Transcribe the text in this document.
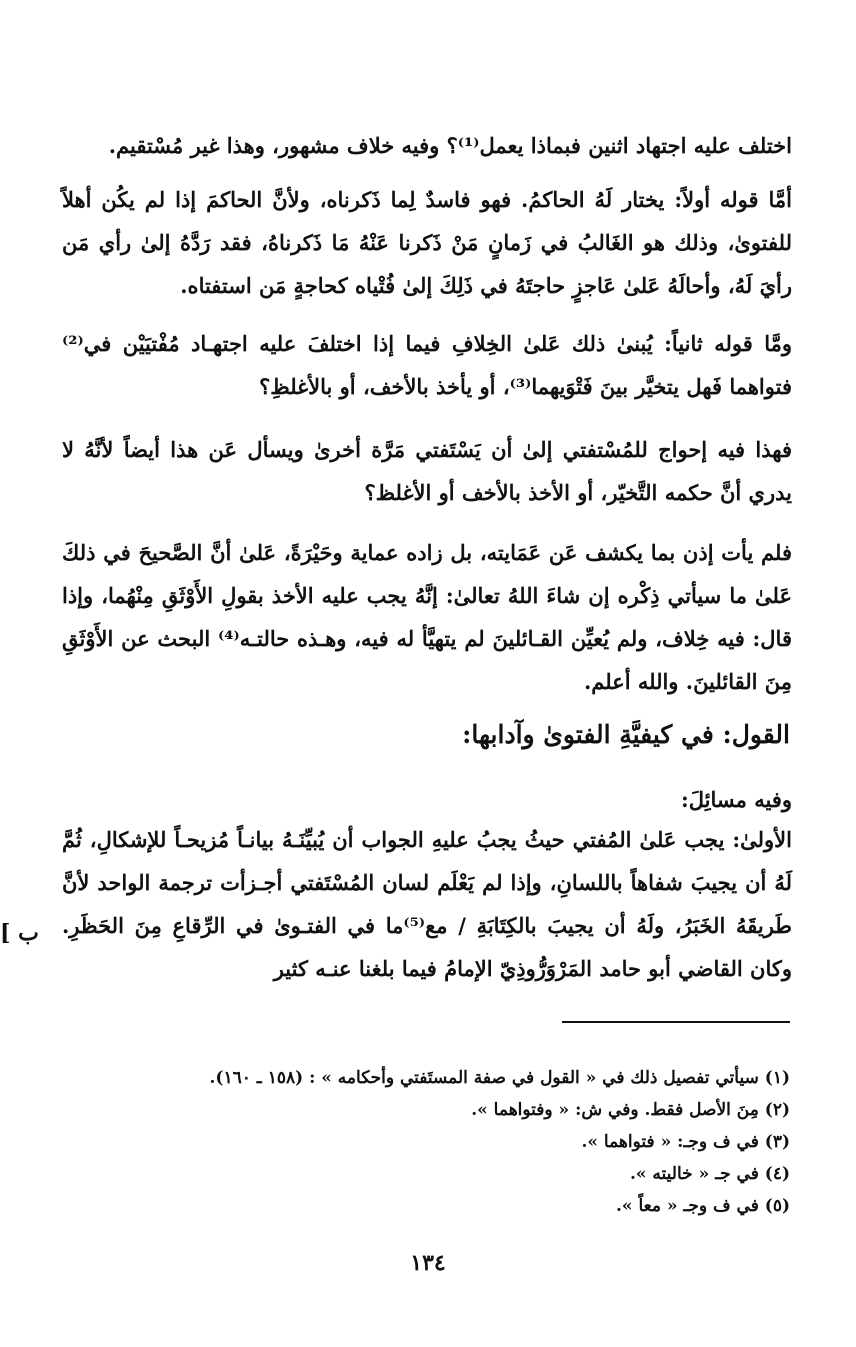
اختلف عليه اجتهاد اثنين فبماذا يعمل⁽¹⁾؟ وفيه خلاف مشهور، وهذا غير مُسْتقيم.

أمَّا قوله أولاً: يختار لَهُ الحاكمُ. فهو فاسدٌ لِما ذَكرناه، ولأنَّ الحاكمَ إذا لم يكُن أهلاً للفتوىٰ، وذلك هو الغَالبُ في زَمانٍ مَنْ ذَكرنا عَنْهُ مَا ذَكرناهُ، فقد رَدَّهُ إلىٰ رأي مَن رأيَ لَهُ، وأحالَهُ عَلىٰ عَاجزٍ حاجتَهُ في ذَلِكَ إلىٰ فُتْياه كحاجةٍ مَن استفتاه.

ومَّا قوله ثانياً: يُبنىٰ ذلك عَلىٰ الخِلافِ فيما إذا اختلفَ عليه اجتهـاد مُفْتيَيْن في⁽²⁾ فتواهما فَهل يتخيَّر بينَ فَتْوَيهما⁽³⁾، أو يأخذ بالأخف، أو بالأغلظِ؟

فهذا فيه إحواج للمُسْتفتي إلىٰ أن يَسْتَفتي مَرَّة أخرىٰ ويسأل عَن هذا أيضاً لأنَّهُ لا يدري أنَّ حكمه التَّخيّر، أو الأخذ بالأخف أو الأغلظ؟

فلم يأت إذن بما يكشف عَن عَمَايته، بل زاده عماية وحَيْرَةً، عَلىٰ أنَّ الصَّحيحَ في ذلكَ عَلىٰ ما سيأتي ذِكْره إن شاءَ اللهُ تعالىٰ: إنَّهُ يجب عليه الأخذ بقولِ الأَوْثَقِ مِنْهُما، وإذا قال: فيه خِلاف، ولم يُعيِّن القـائلينَ لم يتهيَّأ له فيه، وهـذه حالتـه⁽⁴⁾ البحث عن الأَوْثَقِ مِنَ القائلينَ. والله أعلم.

القول: في كيفيَّةِ الفتوىٰ وآدابها:

وفيه مسائِلَ:

الأولىٰ: يجب عَلىٰ المُفتي حيثُ يجبُ عليهِ الجواب أن يُبيِّنَـهُ بيانـاً مُزيحـاً للإشكالِ، ثُمَّ لَهُ أن يجيبَ شفاهاً باللسانِ، وإذا لم يَعْلَم لسان المُسْتَفتي أجـزأت ترجمة الواحد لأنَّ طَريقَهُ الخَبَرُ، ولَهُ أن يجيبَ بالكِتَابَةِ / مع⁽⁵⁾ما في الفتـوىٰ في الرِّقاعِ مِنَ الحَظَرِ. وكان القاضي أبو حامد المَرْوَرُّوذِيّ الإمامُ فيما بلغنا عنـه كثير

[ ب
(١) سيأتي تفصيل ذلك في « القول في صفة المستَفتي وأحكامه » : (١٥٨ ـ ١٦٠).
(٢) مِنَ الأصل فقط. وفي ش: « وفتواهما ».
(٣) في ف وجـ: « فتواهما ».
(٤) في جـ « خاليته ».
(٥) في ف وجـ « معاً ».
١٣٤
